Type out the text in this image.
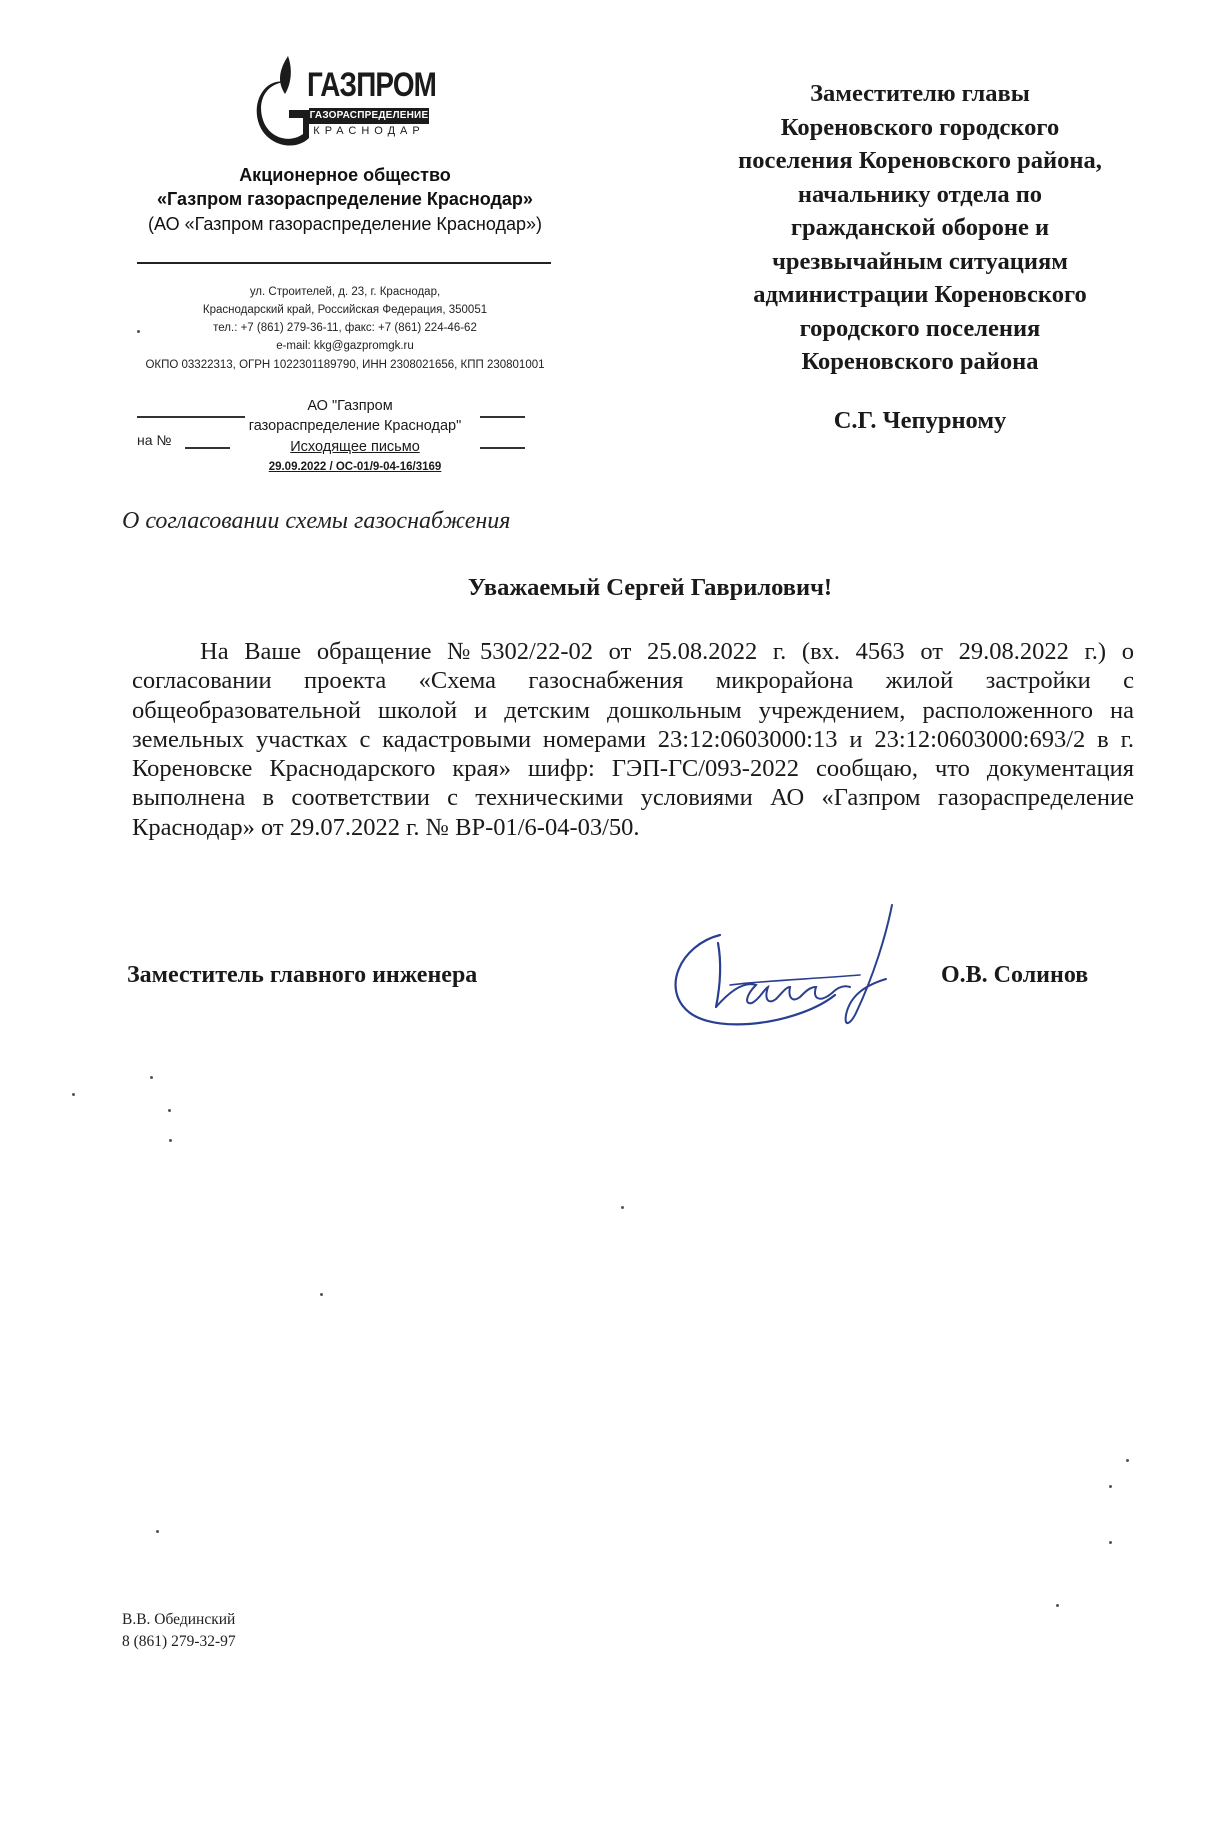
ГАЗПРОМ
ГАЗОРАСПРЕДЕЛЕНИЕ
КРАСНОДАР
Акционерное общество
«Газпром газораспределение Краснодар»
(АО «Газпром газораспределение Краснодар»)
ул. Строителей, д. 23, г. Краснодар,
Краснодарский край, Российская Федерация, 350051
тел.: +7 (861) 279-36-11, факс: +7 (861) 224-46-62
e-mail: kkg@gazpromgk.ru
ОКПО 03322313, ОГРН 1022301189790, ИНН 2308021656, КПП 230801001
АО "Газпром
газораспределение Краснодар"
на №	Исходящее письмо
29.09.2022 / ОС-01/9-04-16/3169
Заместителю главы
Кореновского городского
поселения Кореновского района,
начальнику отдела по
гражданской обороне и
чрезвычайным ситуациям
администрации Кореновского
городского поселения
Кореновского района
С.Г. Чепурному
О согласовании схемы газоснабжения
Уважаемый Сергей Гаврилович!
На Ваше обращение №5302/22-02 от 25.08.2022 г. (вх. 4563 от 29.08.2022 г.) о согласовании проекта «Схема газоснабжения микрорайона жилой застройки с общеобразовательной школой и детским дошкольным учреждением, расположенного на земельных участках с кадастровыми номерами 23:12:0603000:13 и 23:12:0603000:693/2 в г. Кореновске Краснодарского края» шифр: ГЭП-ГС/093-2022 сообщаю, что документация выполнена в соответствии с техническими условиями АО «Газпром газораспределение Краснодар» от 29.07.2022 г. № ВР-01/6-04-03/50.
Заместитель главного инженера	О.В. Солинов
В.В. Обединский
8 (861) 279-32-97
